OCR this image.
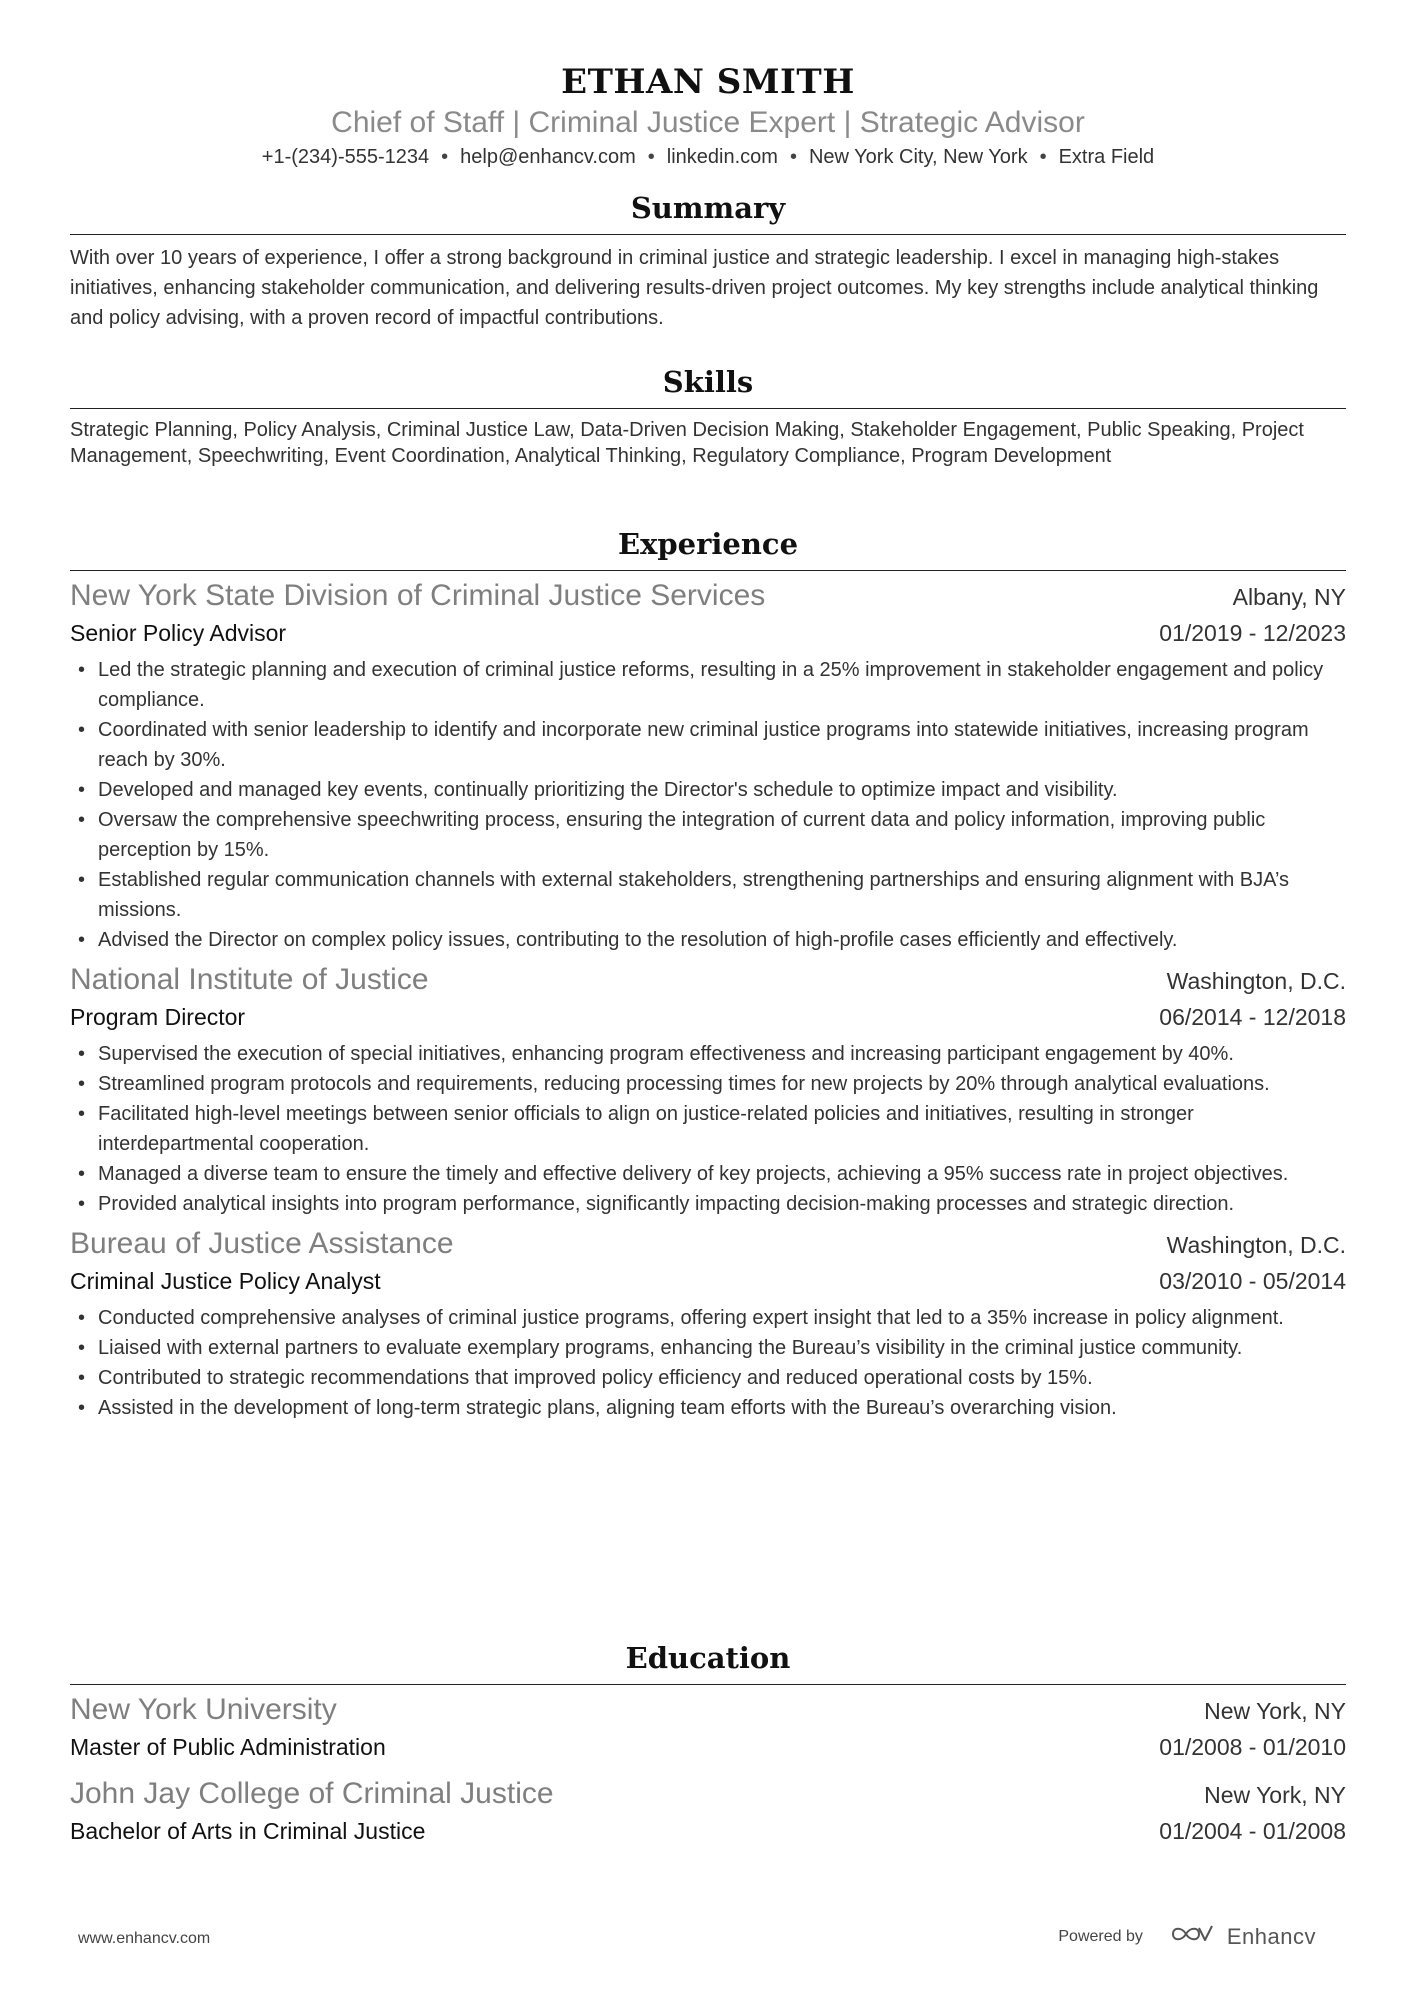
ETHAN SMITH
Chief of Staff | Criminal Justice Expert | Strategic Advisor
+1-(234)-555-1234 • help@enhancv.com • linkedin.com • New York City, New York • Extra Field
Summary
With over 10 years of experience, I offer a strong background in criminal justice and strategic leadership. I excel in managing high-stakes initiatives, enhancing stakeholder communication, and delivering results-driven project outcomes. My key strengths include analytical thinking and policy advising, with a proven record of impactful contributions.
Skills
Strategic Planning, Policy Analysis, Criminal Justice Law, Data-Driven Decision Making, Stakeholder Engagement, Public Speaking, Project Management, Speechwriting, Event Coordination, Analytical Thinking, Regulatory Compliance, Program Development
Experience
New York State Division of Criminal Justice Services	Albany, NY
Senior Policy Advisor	01/2019 - 12/2023
• Led the strategic planning and execution of criminal justice reforms, resulting in a 25% improvement in stakeholder engagement and policy compliance.
• Coordinated with senior leadership to identify and incorporate new criminal justice programs into statewide initiatives, increasing program reach by 30%.
• Developed and managed key events, continually prioritizing the Director's schedule to optimize impact and visibility.
• Oversaw the comprehensive speechwriting process, ensuring the integration of current data and policy information, improving public perception by 15%.
• Established regular communication channels with external stakeholders, strengthening partnerships and ensuring alignment with BJA’s missions.
• Advised the Director on complex policy issues, contributing to the resolution of high-profile cases efficiently and effectively.
National Institute of Justice	Washington, D.C.
Program Director	06/2014 - 12/2018
• Supervised the execution of special initiatives, enhancing program effectiveness and increasing participant engagement by 40%.
• Streamlined program protocols and requirements, reducing processing times for new projects by 20% through analytical evaluations.
• Facilitated high-level meetings between senior officials to align on justice-related policies and initiatives, resulting in stronger interdepartmental cooperation.
• Managed a diverse team to ensure the timely and effective delivery of key projects, achieving a 95% success rate in project objectives.
• Provided analytical insights into program performance, significantly impacting decision-making processes and strategic direction.
Bureau of Justice Assistance	Washington, D.C.
Criminal Justice Policy Analyst	03/2010 - 05/2014
• Conducted comprehensive analyses of criminal justice programs, offering expert insight that led to a 35% increase in policy alignment.
• Liaised with external partners to evaluate exemplary programs, enhancing the Bureau’s visibility in the criminal justice community.
• Contributed to strategic recommendations that improved policy efficiency and reduced operational costs by 15%.
• Assisted in the development of long-term strategic plans, aligning team efforts with the Bureau’s overarching vision.
Education
New York University	New York, NY
Master of Public Administration	01/2008 - 01/2010
John Jay College of Criminal Justice	New York, NY
Bachelor of Arts in Criminal Justice	01/2004 - 01/2008
www.enhancv.com	Powered by	Enhancv
